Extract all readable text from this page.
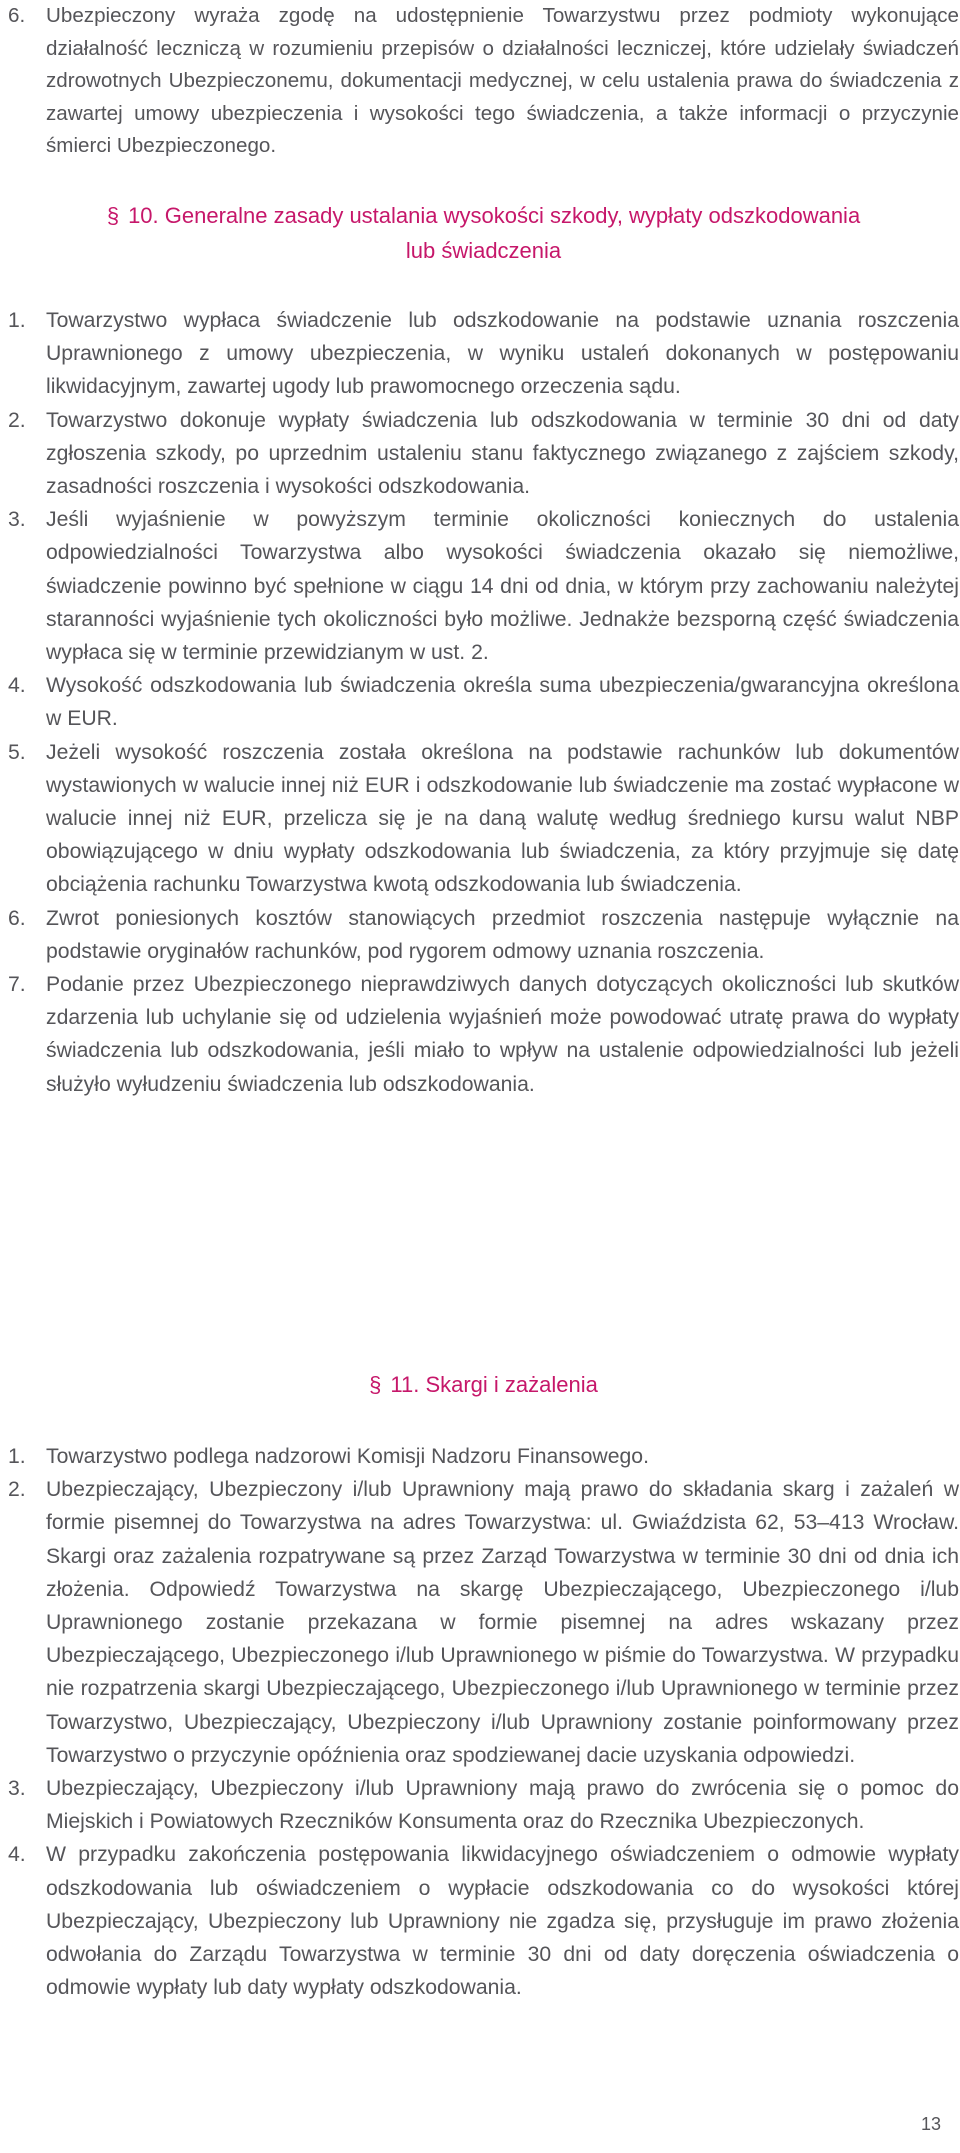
6.	Ubezpieczony wyraża zgodę na udostępnienie Towarzystwu przez podmioty wykonujące działalność leczniczą w rozumieniu przepisów o działalności leczniczej, które udzielały świadczeń zdrowotnych Ubezpieczonemu, dokumentacji medycznej, w celu ustalenia prawa do świadczenia z zawartej umowy ubezpieczenia i wysokości tego świadczenia, a także informacji o przyczynie śmierci Ubezpieczonego.
§ 10. Generalne zasady ustalania wysokości szkody, wypłaty odszkodowania
lub świadczenia
1. Towarzystwo wypłaca świadczenie lub odszkodowanie na podstawie uznania roszczenia Uprawnionego z umowy ubezpieczenia, w wyniku ustaleń dokonanych w postępowaniu likwidacyjnym, zawartej ugody lub prawomocnego orzeczenia sądu.
2. Towarzystwo dokonuje wypłaty świadczenia lub odszkodowania w terminie 30 dni od daty zgłoszenia szkody, po uprzednim ustaleniu stanu faktycznego związanego z zajściem szkody, zasadności roszczenia i wysokości odszkodowania.
3. Jeśli wyjaśnienie w powyższym terminie okoliczności koniecznych do ustalenia odpowiedzialności Towarzystwa albo wysokości świadczenia okazało się niemożliwe, świadczenie powinno być spełnione w ciągu 14 dni od dnia, w którym przy zachowaniu należytej staranności wyjaśnienie tych okoliczności było możliwe. Jednakże bezsporną część świadczenia wypłaca się w terminie przewidzianym w ust. 2.
4. Wysokość odszkodowania lub świadczenia określa suma ubezpieczenia/gwarancyjna określona w EUR.
5. Jeżeli wysokość roszczenia została określona na podstawie rachunków lub dokumentów wystawionych w walucie innej niż EUR i odszkodowanie lub świadczenie ma zostać wypłacone w walucie innej niż EUR, przelicza się je na daną walutę według średniego kursu walut NBP obowiązującego w dniu wypłaty odszkodowania lub świadczenia, za który przyjmuje się datę obciążenia rachunku Towarzystwa kwotą odszkodowania lub świadczenia.
6. Zwrot poniesionych kosztów stanowiących przedmiot roszczenia następuje wyłącznie na podstawie oryginałów rachunków, pod rygorem odmowy uznania roszczenia.
7. Podanie przez Ubezpieczonego nieprawdziwych danych dotyczących okoliczności lub skutków zdarzenia lub uchylanie się od udzielenia wyjaśnień może powodować utratę prawa do wypłaty świadczenia lub odszkodowania, jeśli miało to wpływ na ustalenie odpowiedzialności lub jeżeli służyło wyłudzeniu świadczenia lub odszkodowania.
§ 11. Skargi i zażalenia
1. Towarzystwo podlega nadzorowi Komisji Nadzoru Finansowego.
2. Ubezpieczający, Ubezpieczony i/lub Uprawniony mają prawo do składania skarg i zażaleń w formie pisemnej do Towarzystwa na adres Towarzystwa: ul. Gwiaździsta 62, 53–413 Wrocław. Skargi oraz zażalenia rozpatrywane są przez Zarząd Towarzystwa w terminie 30 dni od dnia ich złożenia. Odpowiedź Towarzystwa na skargę Ubezpieczającego, Ubezpieczonego i/lub Uprawnionego zostanie przekazana w formie pisemnej na adres wskazany przez Ubezpieczającego, Ubezpieczonego i/lub Uprawnionego w piśmie do Towarzystwa. W przypadku nie rozpatrzenia skargi Ubezpieczającego, Ubezpieczonego i/lub Uprawnionego w terminie przez Towarzystwo, Ubezpieczający, Ubezpieczony i/lub Uprawniony zostanie poinformowany przez Towarzystwo o przyczynie opóźnienia oraz spodziewanej dacie uzyskania odpowiedzi.
3. Ubezpieczający, Ubezpieczony i/lub Uprawniony mają prawo do zwrócenia się o pomoc do Miejskich i Powiatowych Rzeczników Konsumenta oraz do Rzecznika Ubezpieczonych.
4. W przypadku zakończenia postępowania likwidacyjnego oświadczeniem o odmowie wypłaty odszkodowania lub oświadczeniem o wypłacie odszkodowania co do wysokości której Ubezpieczający, Ubezpieczony lub Uprawniony nie zgadza się, przysługuje im prawo złożenia odwołania do Zarządu Towarzystwa w terminie 30 dni od daty doręczenia oświadczenia o odmowie wypłaty lub daty wypłaty odszkodowania.
13
